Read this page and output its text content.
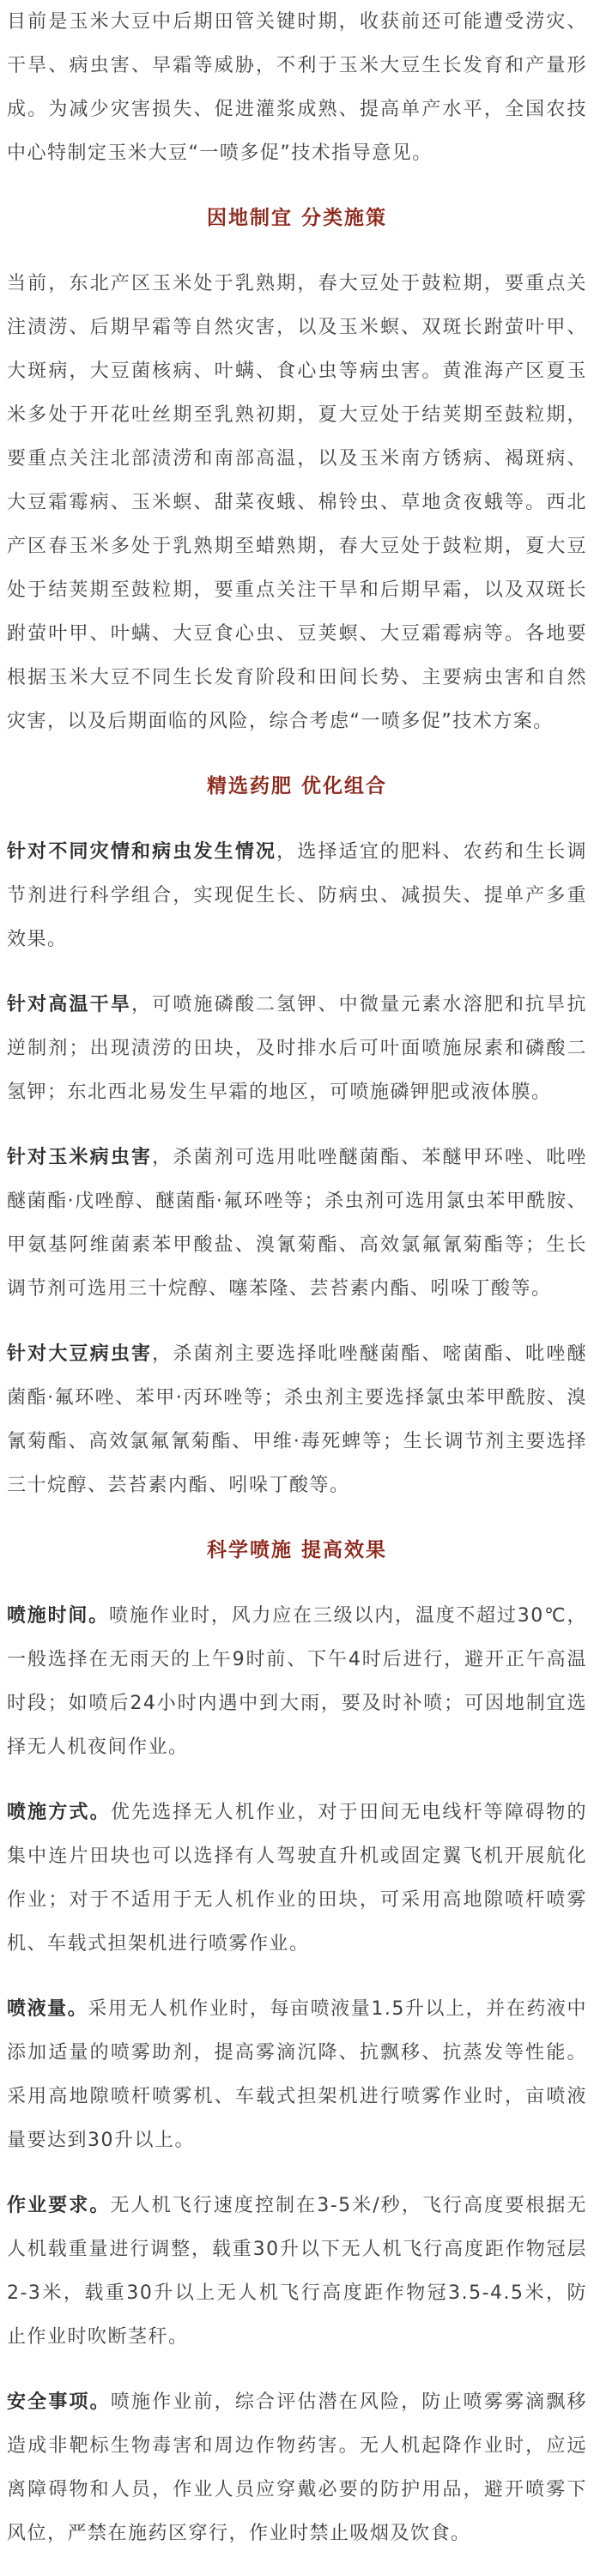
目前是玉米大豆中后期田管关键时期，收获前还可能遭受涝灾、干旱、病虫害、早霜等威胁，不利于玉米大豆生长发育和产量形成。为减少灾害损失、促进灌浆成熟、提高单产水平，全国农技中心特制定玉米大豆“一喷多促”技术指导意见。

因地制宜 分类施策

当前，东北产区玉米处于乳熟期，春大豆处于鼓粒期，要重点关注渍涝、后期早霜等自然灾害，以及玉米螟、双斑长跗萤叶甲、大斑病，大豆菌核病、叶螨、食心虫等病虫害。黄淮海产区夏玉米多处于开花吐丝期至乳熟初期，夏大豆处于结荚期至鼓粒期，要重点关注北部渍涝和南部高温，以及玉米南方锈病、褐斑病、大豆霜霉病、玉米螟、甜菜夜蛾、棉铃虫、草地贪夜蛾等。西北产区春玉米多处于乳熟期至蜡熟期，春大豆处于鼓粒期，夏大豆处于结荚期至鼓粒期，要重点关注干旱和后期早霜，以及双斑长跗萤叶甲、叶螨、大豆食心虫、豆荚螟、大豆霜霉病等。各地要根据玉米大豆不同生长发育阶段和田间长势、主要病虫害和自然灾害，以及后期面临的风险，综合考虑“一喷多促”技术方案。

精选药肥 优化组合

针对不同灾情和病虫发生情况，选择适宜的肥料、农药和生长调节剂进行科学组合，实现促生长、防病虫、减损失、提单产多重效果。

针对高温干旱，可喷施磷酸二氢钾、中微量元素水溶肥和抗旱抗逆制剂；出现渍涝的田块，及时排水后可叶面喷施尿素和磷酸二氢钾；东北西北易发生早霜的地区，可喷施磷钾肥或液体膜。

针对玉米病虫害，杀菌剂可选用吡唑醚菌酯、苯醚甲环唑、吡唑醚菌酯·戊唑醇、醚菌酯·氟环唑等；杀虫剂可选用氯虫苯甲酰胺、甲氨基阿维菌素苯甲酸盐、溴氰菊酯、高效氯氟氰菊酯等；生长调节剂可选用三十烷醇、噻苯隆、芸苔素内酯、吲哚丁酸等。

针对大豆病虫害，杀菌剂主要选择吡唑醚菌酯、嘧菌酯、吡唑醚菌酯·氟环唑、苯甲·丙环唑等；杀虫剂主要选择氯虫苯甲酰胺、溴氰菊酯、高效氯氟氰菊酯、甲维·毒死蜱等；生长调节剂主要选择三十烷醇、芸苔素内酯、吲哚丁酸等。

科学喷施 提高效果

喷施时间。喷施作业时，风力应在三级以内，温度不超过30℃，一般选择在无雨天的上午9时前、下午4时后进行，避开正午高温时段；如喷后24小时内遇中到大雨，要及时补喷；可因地制宜选择无人机夜间作业。

喷施方式。优先选择无人机作业，对于田间无电线杆等障碍物的集中连片田块也可以选择有人驾驶直升机或固定翼飞机开展航化作业；对于不适用于无人机作业的田块，可采用高地隙喷杆喷雾机、车载式担架机进行喷雾作业。

喷液量。采用无人机作业时，每亩喷液量1.5升以上，并在药液中添加适量的喷雾助剂，提高雾滴沉降、抗飘移、抗蒸发等性能。采用高地隙喷杆喷雾机、车载式担架机进行喷雾作业时，亩喷液量要达到30升以上。

作业要求。无人机飞行速度控制在3-5米/秒，飞行高度要根据无人机载重量进行调整，载重30升以下无人机飞行高度距作物冠层2-3米，载重30升以上无人机飞行高度距作物冠3.5-4.5米，防止作业时吹断茎秆。

安全事项。喷施作业前，综合评估潜在风险，防止喷雾雾滴飘移造成非靶标生物毒害和周边作物药害。无人机起降作业时，应远离障碍物和人员，作业人员应穿戴必要的防护用品，避开喷雾下风位，严禁在施药区穿行，作业时禁止吸烟及饮食。
